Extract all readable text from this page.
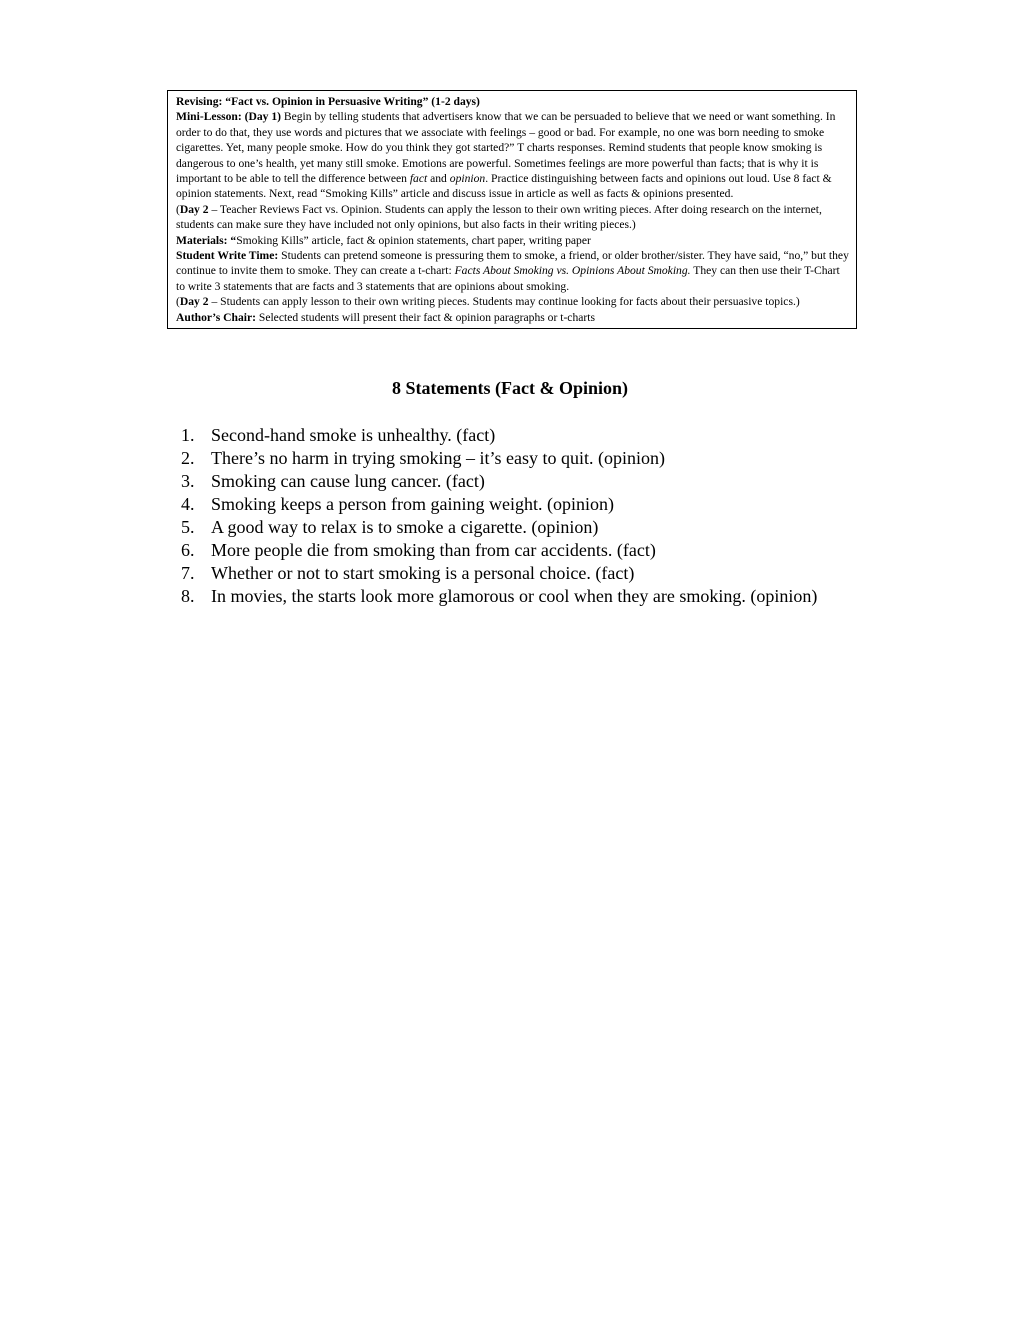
Revising: “Fact vs. Opinion in Persuasive Writing” (1-2 days)

Mini-Lesson: (Day 1) Begin by telling students that advertisers know that we can be persuaded to believe that we need or want something. In order to do that, they use words and pictures that we associate with feelings – good or bad. For example, no one was born needing to smoke cigarettes. Yet, many people smoke. How do you think they got started?” T charts responses. Remind students that people know smoking is dangerous to one’s health, yet many still smoke. Emotions are powerful. Sometimes feelings are more powerful than facts; that is why it is important to be able to tell the difference between fact and opinion. Practice distinguishing between facts and opinions out loud. Use 8 fact & opinion statements. Next, read “Smoking Kills” article and discuss issue in article as well as facts & opinions presented.

(Day 2 – Teacher Reviews Fact vs. Opinion. Students can apply the lesson to their own writing pieces. After doing research on the internet, students can make sure they have included not only opinions, but also facts in their writing pieces.)

Materials: “Smoking Kills” article, fact & opinion statements, chart paper, writing paper

Student Write Time: Students can pretend someone is pressuring them to smoke, a friend, or older brother/sister. They have said, “no,” but they continue to invite them to smoke. They can create a t-chart: Facts About Smoking vs. Opinions About Smoking. They can then use their T-Chart to write 3 statements that are facts and 3 statements that are opinions about smoking.

(Day 2 – Students can apply lesson to their own writing pieces. Students may continue looking for facts about their persuasive topics.)

Author’s Chair: Selected students will present their fact & opinion paragraphs or t-charts

8 Statements (Fact & Opinion)
1. Second-hand smoke is unhealthy. (fact)
2. There’s no harm in trying smoking – it’s easy to quit. (opinion)
3. Smoking can cause lung cancer. (fact)
4. Smoking keeps a person from gaining weight. (opinion)
5. A good way to relax is to smoke a cigarette. (opinion)
6. More people die from smoking than from car accidents. (fact)
7. Whether or not to start smoking is a personal choice. (fact)
8. In movies, the starts look more glamorous or cool when they are smoking. (opinion)
